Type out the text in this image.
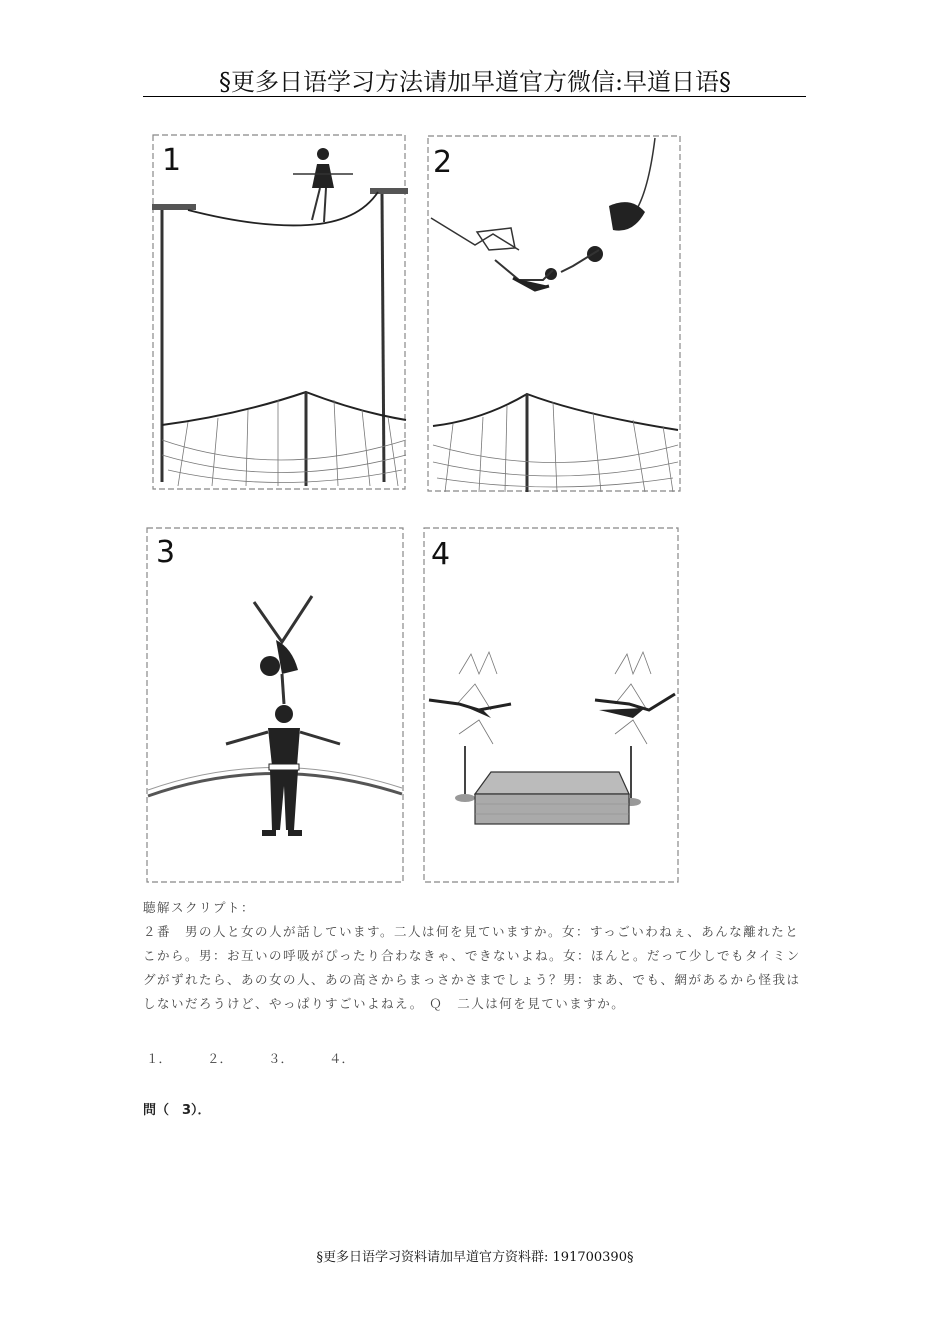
§更多日语学习方法请加早道官方微信:早道日语§
1	2
3	4
聴解スクリプト：
２番　男の人と女の人が話しています。二人は何を見ていますか。女：すっごいわねぇ、あんな離れたとこから。男：お互いの呼吸がぴったり合わなきゃ、できないよね。女：ほんと。だって少しでもタイミングがずれたら、あの女の人、あの高さからまっさかさまでしょう？男：まあ、でも、網があるから怪我はしないだろうけど、やっぱりすごいよねえ。 Ｑ　二人は何を見ていますか。
１．	２．	３．	４．
問（　3）．
§更多日语学习资料请加早道官方资料群: 191700390§
